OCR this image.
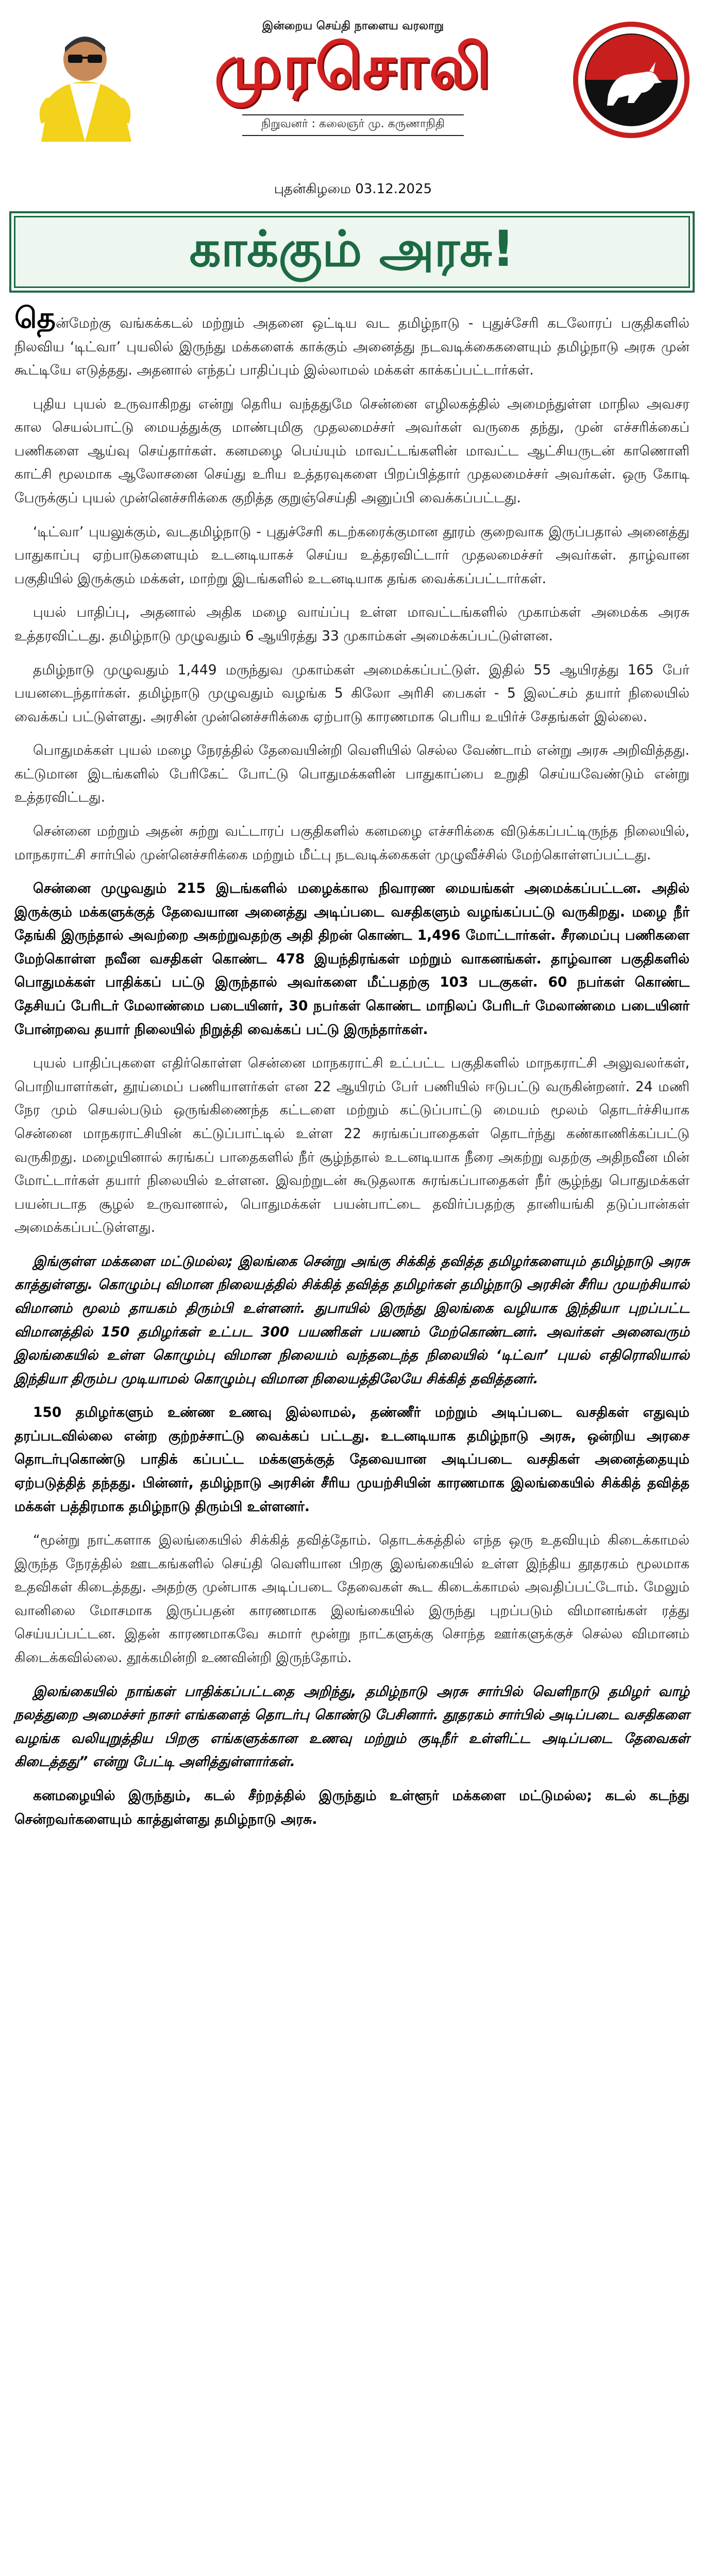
இன்றைய செய்தி நாளைய வரலாறு
முரசொலி
நிறுவனர் : கலைஞர் மு. கருணாநிதி
புதன்கிழமை 03.12.2025
காக்கும் அரசு!

தென்மேற்கு வங்கக்கடல் மற்றும் அதனை ஒட்டிய வட தமிழ்நாடு - புதுச்சேரி கடலோரப் பகுதிகளில் நிலவிய ‘டிட்வா’ புயலில் இருந்து மக்களைக் காக்கும் அனைத்து நடவடிக்கைகளையும் தமிழ்நாடு அரசு முன் கூட்டியே எடுத்தது. அதனால் எந்தப் பாதிப்பும் இல்லாமல் மக்கள் காக்கப்பட்டார்கள்.

புதிய புயல் உருவாகிறது என்று தெரிய வந்ததுமே சென்னை எழிலகத்தில் அமைந்துள்ள மாநில அவசர கால செயல்பாட்டு மையத்துக்கு மாண்புமிகு முதலமைச்சர் அவர்கள் வருகை தந்து, முன் எச்சரிக்கைப் பணிகளை ஆய்வு செய்தார்கள். கனமழை பெய்யும் மாவட்டங்களின் மாவட்ட ஆட்சியருடன் காணொளி காட்சி மூலமாக ஆலோசனை செய்து உரிய உத்தரவுகளை பிறப்பித்தார் முதலமைச்சர் அவர்கள். ஒரு கோடி பேருக்குப் புயல் முன்னெச்சரிக்கை குறித்த குறுஞ்செய்தி அனுப்பி வைக்கப்பட்டது.

‘டிட்வா’ புயலுக்கும், வடதமிழ்நாடு - புதுச்சேரி கடற்கரைக்குமான தூரம் குறைவாக இருப்பதால் அனைத்து பாதுகாப்பு ஏற்பாடுகளையும் உடனடியாகச் செய்ய உத்தரவிட்டார் முதலமைச்சர் அவர்கள். தாழ்வான பகுதியில் இருக்கும் மக்கள், மாற்று இடங்களில் உடனடியாக தங்க வைக்கப்பட்டார்கள்.

புயல் பாதிப்பு, அதனால் அதிக மழை வாய்ப்பு உள்ள மாவட்டங்களில் முகாம்கள் அமைக்க அரசு உத்தரவிட்டது. தமிழ்நாடு முழுவதும் 6 ஆயிரத்து 33 முகாம்கள் அமைக்கப்பட்டுள்ளன.

தமிழ்நாடு முழுவதும் 1,449 மருந்துவ முகாம்கள் அமைக்கப்பட்டுள். இதில் 55 ஆயிரத்து 165 பேர் பயனடைந்தார்கள். தமிழ்நாடு முழுவதும் வழங்க 5 கிலோ அரிசி பைகள் - 5 இலட்சம் தயார் நிலையில் வைக்கப் பட்டுள்ளது. அரசின் முன்னெச்சரிக்கை ஏற்பாடு காரணமாக பெரிய உயிர்ச் சேதங்கள் இல்லை.

பொதுமக்கள் புயல் மழை நேரத்தில் தேவையின்றி வெளியில் செல்ல வேண்டாம் என்று அரசு அறிவித்தது. கட்டுமான இடங்களில் பேரிகேட் போட்டு பொதுமக்களின் பாதுகாப்பை உறுதி செய்யவேண்டும் என்று உத்தரவிட்டது.

சென்னை மற்றும் அதன் சுற்று வட்டாரப் பகுதிகளில் கனமழை எச்சரிக்கை விடுக்கப்பட்டிருந்த நிலையில், மாநகராட்சி சார்பில் முன்னெச்சரிக்கை மற்றும் மீட்பு நடவடிக்கைகள் முழுவீச்சில் மேற்கொள்ளப்பட்டது.

சென்னை முழுவதும் 215 இடங்களில் மழைக்கால நிவாரண மையங்கள் அமைக்கப்பட்டன. அதில் இருக்கும் மக்களுக்குத் தேவையான அனைத்து அடிப்படை வசதிகளும் வழங்கப்பட்டு வருகிறது. மழை நீர் தேங்கி இருந்தால் அவற்றை அகற்றுவதற்கு அதி திறன் கொண்ட 1,496 மோட்டார்கள். சீரமைப்பு பணிகளை மேற்கொள்ள நவீன வசதிகள் கொண்ட 478 இயந்திரங்கள் மற்றும் வாகனங்கள். தாழ்வான பகுதிகளில் பொதுமக்கள் பாதிக்கப் பட்டு இருந்தால் அவர்களை மீட்பதற்கு 103 படகுகள். 60 நபர்கள் கொண்ட தேசியப் பேரிடர் மேலாண்மை படையினர், 30 நபர்கள் கொண்ட மாநிலப் பேரிடர் மேலாண்மை படையினர் போன்றவை தயார் நிலையில் நிறுத்தி வைக்கப் பட்டு இருந்தார்கள்.

புயல் பாதிப்புகளை எதிர்கொள்ள சென்னை மாநகராட்சி உட்பட்ட பகுதிகளில் மாநகராட்சி அலுவலர்கள், பொறியாளர்கள், தூய்மைப் பணியாளர்கள் என 22 ஆயிரம் பேர் பணியில் ஈடுபட்டு வருகின்றனர். 24 மணி நேர மும் செயல்படும் ஒருங்கிணைந்த கட்டளை மற்றும் கட்டுப்பாட்டு மையம் மூலம் தொடர்ச்சியாக சென்னை மாநகராட்சியின் கட்டுப்பாட்டில் உள்ள 22 சுரங்கப்பாதைகள் தொடர்ந்து கண்காணிக்கப்பட்டு வருகிறது. மழையினால் சுரங்கப் பாதைகளில் நீர் சூழ்ந்தால் உடனடியாக நீரை அகற்று வதற்கு அதிநவீன மின் மோட்டார்கள் தயார் நிலையில் உள்ளன. இவற்றுடன் கூடுதலாக சுரங்கப்பாதைகள் நீர் சூழ்ந்து பொதுமக்கள் பயன்படாத சூழல் உருவானால், பொதுமக்கள் பயன்பாட்டை தவிர்ப்பதற்கு தானியங்கி தடுப்பான்கள் அமைக்கப்பட்டுள்ளது.

இங்குள்ள மக்களை மட்டுமல்ல; இலங்கை சென்று அங்கு சிக்கித் தவித்த தமிழர்களையும் தமிழ்நாடு அரசு காத்துள்ளது. கொழும்பு விமான நிலையத்தில் சிக்கித் தவித்த தமிழர்கள் தமிழ்நாடு அரசின் சீரிய முயற்சியால் விமானம் மூலம் தாயகம் திரும்பி உள்ளனர். துபாயில் இருந்து இலங்கை வழியாக இந்தியா புறப்பட்ட விமானத்தில் 150 தமிழர்கள் உட்பட 300 பயணிகள் பயணம் மேற்கொண்டனர். அவர்கள் அனைவரும் இலங்கையில் உள்ள கொழும்பு விமான நிலையம் வந்தடைந்த நிலையில் ‘டிட்வா’ புயல் எதிரொலியால் இந்தியா திரும்ப முடியாமல் கொழும்பு விமான நிலையத்திலேயே சிக்கித் தவித்தனர்.

150 தமிழர்களும் உண்ண உணவு இல்லாமல், தண்ணீர் மற்றும் அடிப்படை வசதிகள் எதுவும் தரப்படவில்லை என்ற குற்றச்சாட்டு வைக்கப் பட்டது. உடனடியாக தமிழ்நாடு அரசு, ஒன்றிய அரசை தொடர்புகொண்டு பாதிக் கப்பட்ட மக்களுக்குத் தேவையான அடிப்படை வசதிகள் அனைத்தையும் ஏற்படுத்தித் தந்தது. பின்னர், தமிழ்நாடு அரசின் சீரிய முயற்சியின் காரணமாக இலங்கையில் சிக்கித் தவித்த மக்கள் பத்திரமாக தமிழ்நாடு திரும்பி உள்ளனர்.

“மூன்று நாட்களாக இலங்கையில் சிக்கித் தவித்தோம். தொடக்கத்தில் எந்த ஒரு உதவியும் கிடைக்காமல் இருந்த நேரத்தில் ஊடகங்களில் செய்தி வெளியான பிறகு இலங்கையில் உள்ள இந்திய தூதரகம் மூலமாக உதவிகள் கிடைத்தது. அதற்கு முன்பாக அடிப்படை தேவைகள் கூட கிடைக்காமல் அவதிப்பட்டோம். மேலும் வானிலை மோசமாக இருப்பதன் காரணமாக இலங்கையில் இருந்து புறப்படும் விமானங்கள் ரத்து செய்யப்பட்டன. இதன் காரணமாகவே சுமார் மூன்று நாட்களுக்கு சொந்த ஊர்களுக்குச் செல்ல விமானம் கிடைக்கவில்லை. தூக்கமின்றி உணவின்றி இருந்தோம்.

இலங்கையில் நாங்கள் பாதிக்கப்பட்டதை அறிந்து, தமிழ்நாடு அரசு சார்பில் வெளிநாடு தமிழர் வாழ் நலத்துறை அமைச்சர் நாசர் எங்களைத் தொடர்பு கொண்டு பேசினார். தூதரகம் சார்பில் அடிப்படை வசதிகளை வழங்க வலியுறுத்திய பிறகு எங்களுக்கான உணவு மற்றும் குடிநீர் உள்ளிட்ட அடிப்படை தேவைகள் கிடைத்தது” என்று பேட்டி அளித்துள்ளார்கள்.

கனமழையில் இருந்தும், கடல் சீற்றத்தில் இருந்தும் உள்ளூர் மக்களை மட்டுமல்ல; கடல் கடந்து சென்றவர்களையும் காத்துள்ளது தமிழ்நாடு அரசு.
